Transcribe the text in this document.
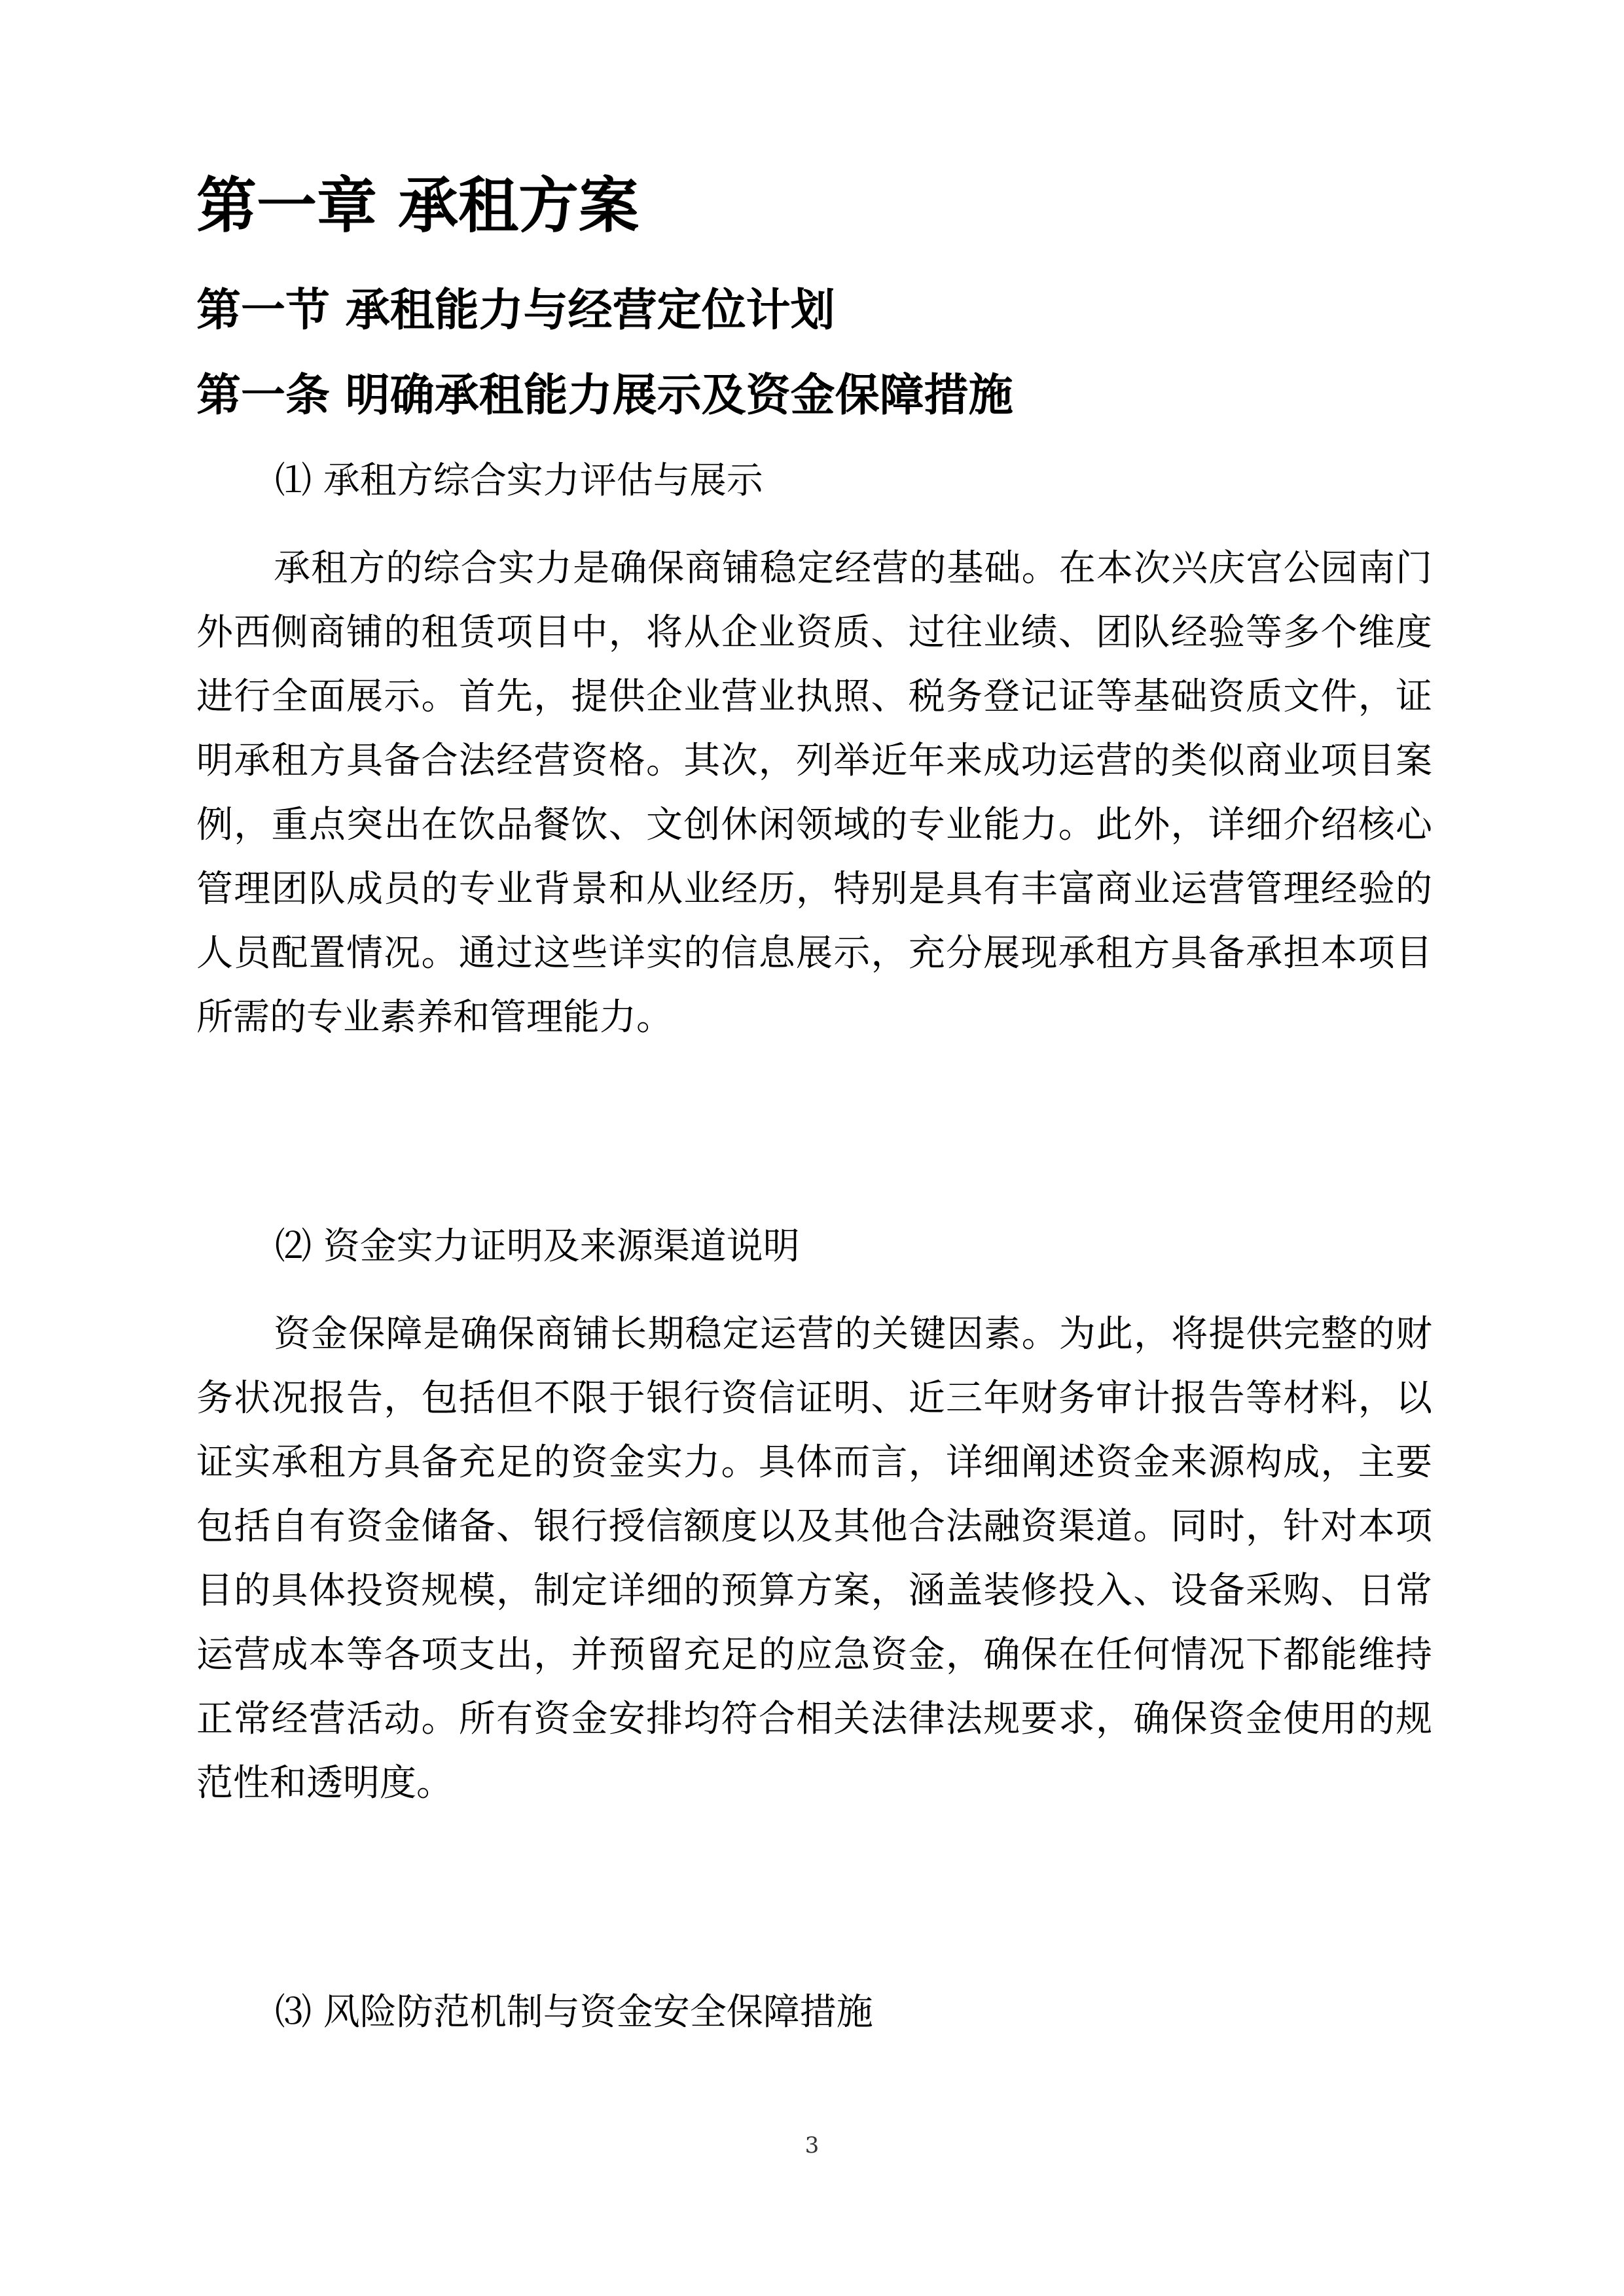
第一章 承租方案
第一节 承租能力与经营定位计划
第一条 明确承租能力展示及资金保障措施
⑴ 承租方综合实力评估与展示

承租方的综合实力是确保商铺稳定经营的基础。在本次兴庆宫公园南门外西侧商铺的租赁项目中，将从企业资质、过往业绩、团队经验等多个维度进行全面展示。首先，提供企业营业执照、税务登记证等基础资质文件，证明承租方具备合法经营资格。其次，列举近年来成功运营的类似商业项目案例，重点突出在饮品餐饮、文创休闲领域的专业能力。此外，详细介绍核心管理团队成员的专业背景和从业经历，特别是具有丰富商业运营管理经验的人员配置情况。通过这些详实的信息展示，充分展现承租方具备承担本项目所需的专业素养和管理能力。

⑵ 资金实力证明及来源渠道说明

资金保障是确保商铺长期稳定运营的关键因素。为此，将提供完整的财务状况报告，包括但不限于银行资信证明、近三年财务审计报告等材料，以证实承租方具备充足的资金实力。具体而言，详细阐述资金来源构成，主要包括自有资金储备、银行授信额度以及其他合法融资渠道。同时，针对本项目的具体投资规模，制定详细的预算方案，涵盖装修投入、设备采购、日常运营成本等各项支出，并预留充足的应急资金，确保在任何情况下都能维持正常经营活动。所有资金安排均符合相关法律法规要求，确保资金使用的规范性和透明度。

⑶ 风险防范机制与资金安全保障措施
3
